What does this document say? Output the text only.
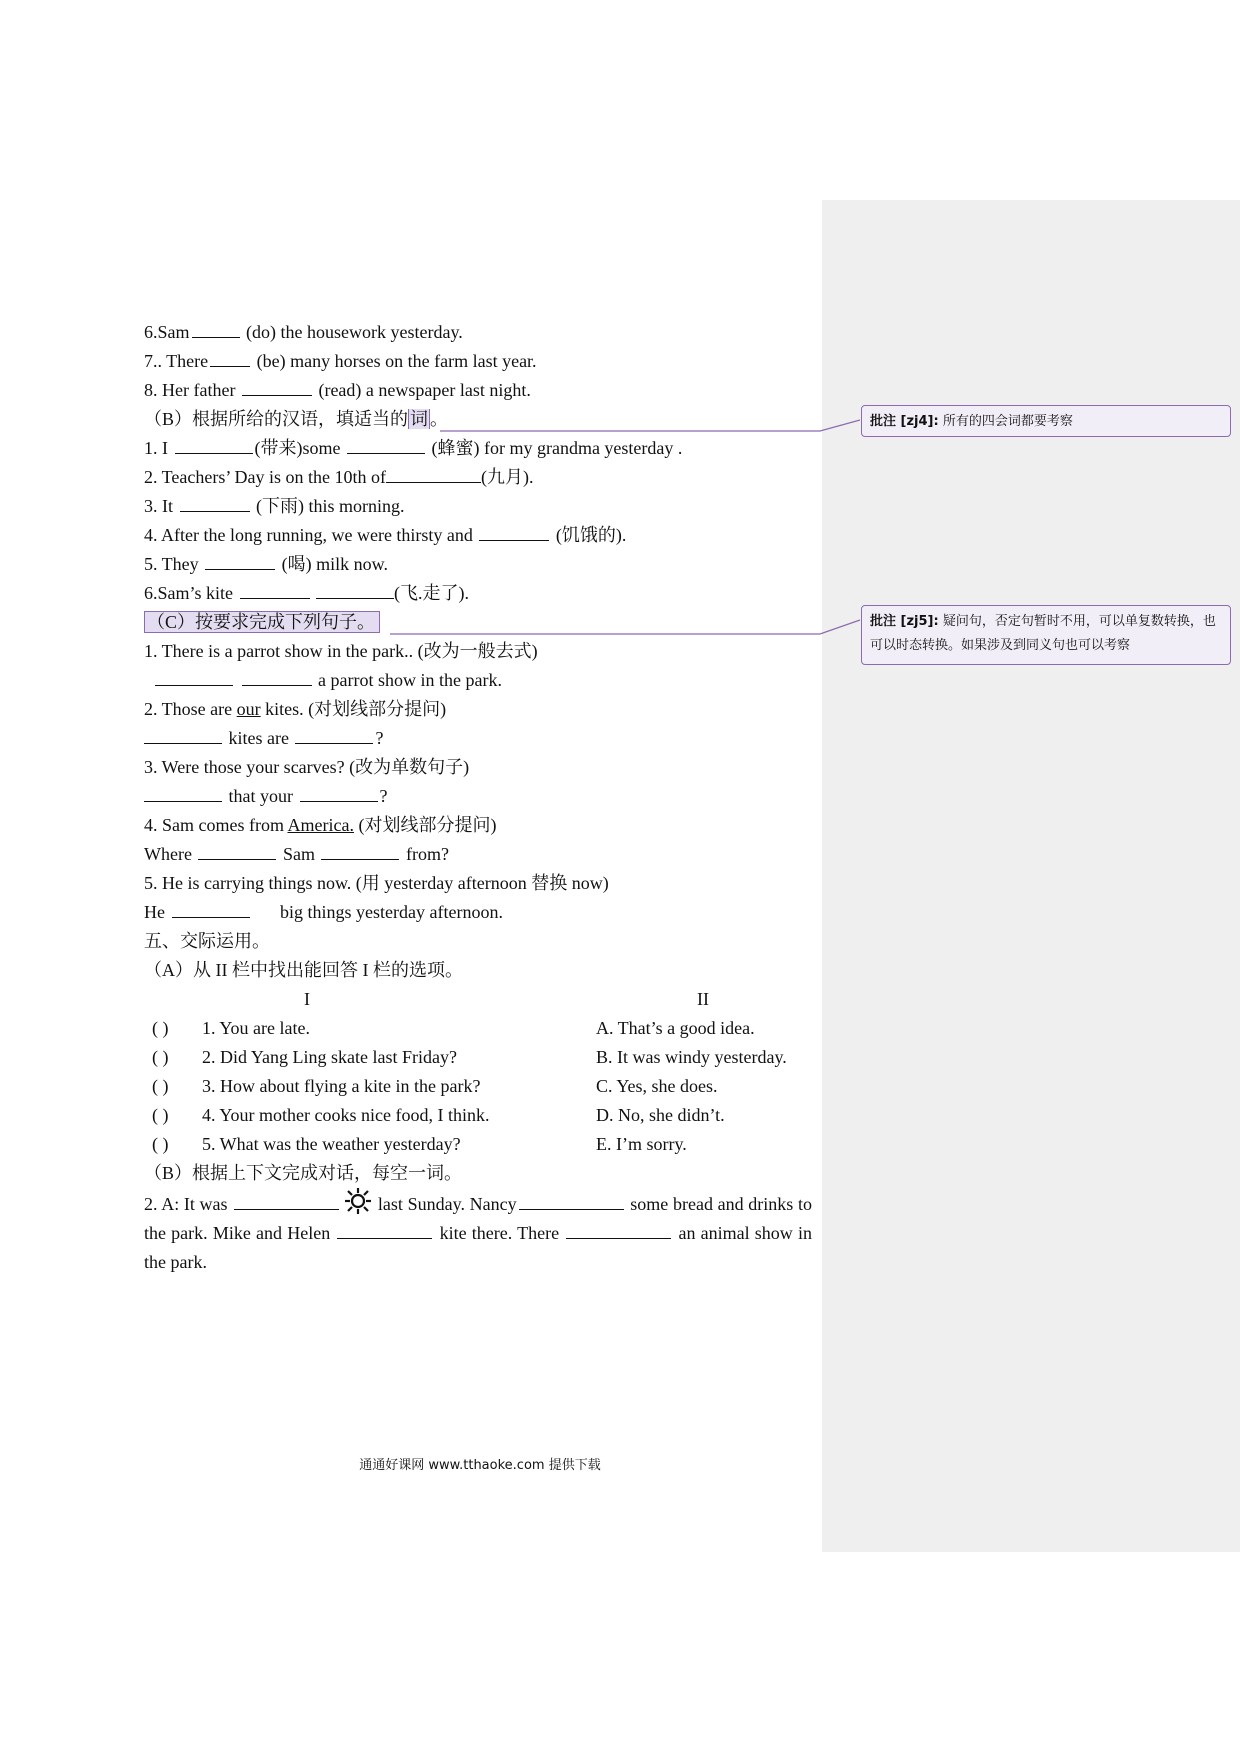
6.Sam	(do) the housework yesterday.
7.. There (be) many horses on the farm last year.
8. Her father	(read) a newspaper last night.
（B）根据所给的汉语，填适当的 词 。
1. I	(带来)some	(蜂蜜) for my grandma yesterday .
2. Teachers’ Day is on the 10th of	(九月).
3. It	(下雨) this morning.
4. After the long running, we were thirsty and	(饥饿的).
5. They	(喝) milk now.
6.Sam’s kite	(飞.走了).
（C）按要求完成下列句子。
1. There is a parrot show in the park.. (改为一般去式)
a parrot show in the park.
2. Those are our kites. (对划线部分提问)
kites are	?
3. Were those your scarves? (改为单数句子)
that your	?
4. Sam comes from America. (对划线部分提问)
Where	Sam	from?
5. He is carrying things now. (用 yesterday afternoon 替换 now)
He	big things yesterday afternoon.
五、交际运用。
（A）从 II 栏中找出能回答 I 栏的选项。
I	II
( ) 1. You are late.	A. That’s a good idea.
( ) 2. Did Yang Ling skate last Friday?	B. It was windy yesterday.
( ) 3. How about flying a kite in the park?	C. Yes, she does.
( ) 4. Your mother cooks nice food, I think.	D. No, she didn’t.
( ) 5. What was the weather yesterday?	E. I’m sorry.
（B）根据上下文完成对话，每空一词。
2. A: It was	last Sunday. Nancy	some bread and drinks to the park. Mike and Helen	kite there. There	an animal show in the park.
批注 [zj4]: 所有的四会词都要考察
批注 [zj5]: 疑问句，否定句暂时不用，可以单复数转换，也可以时态转换。如果涉及到同义句也可以考察
通通好课网 www.tthaoke.com 提供下载
